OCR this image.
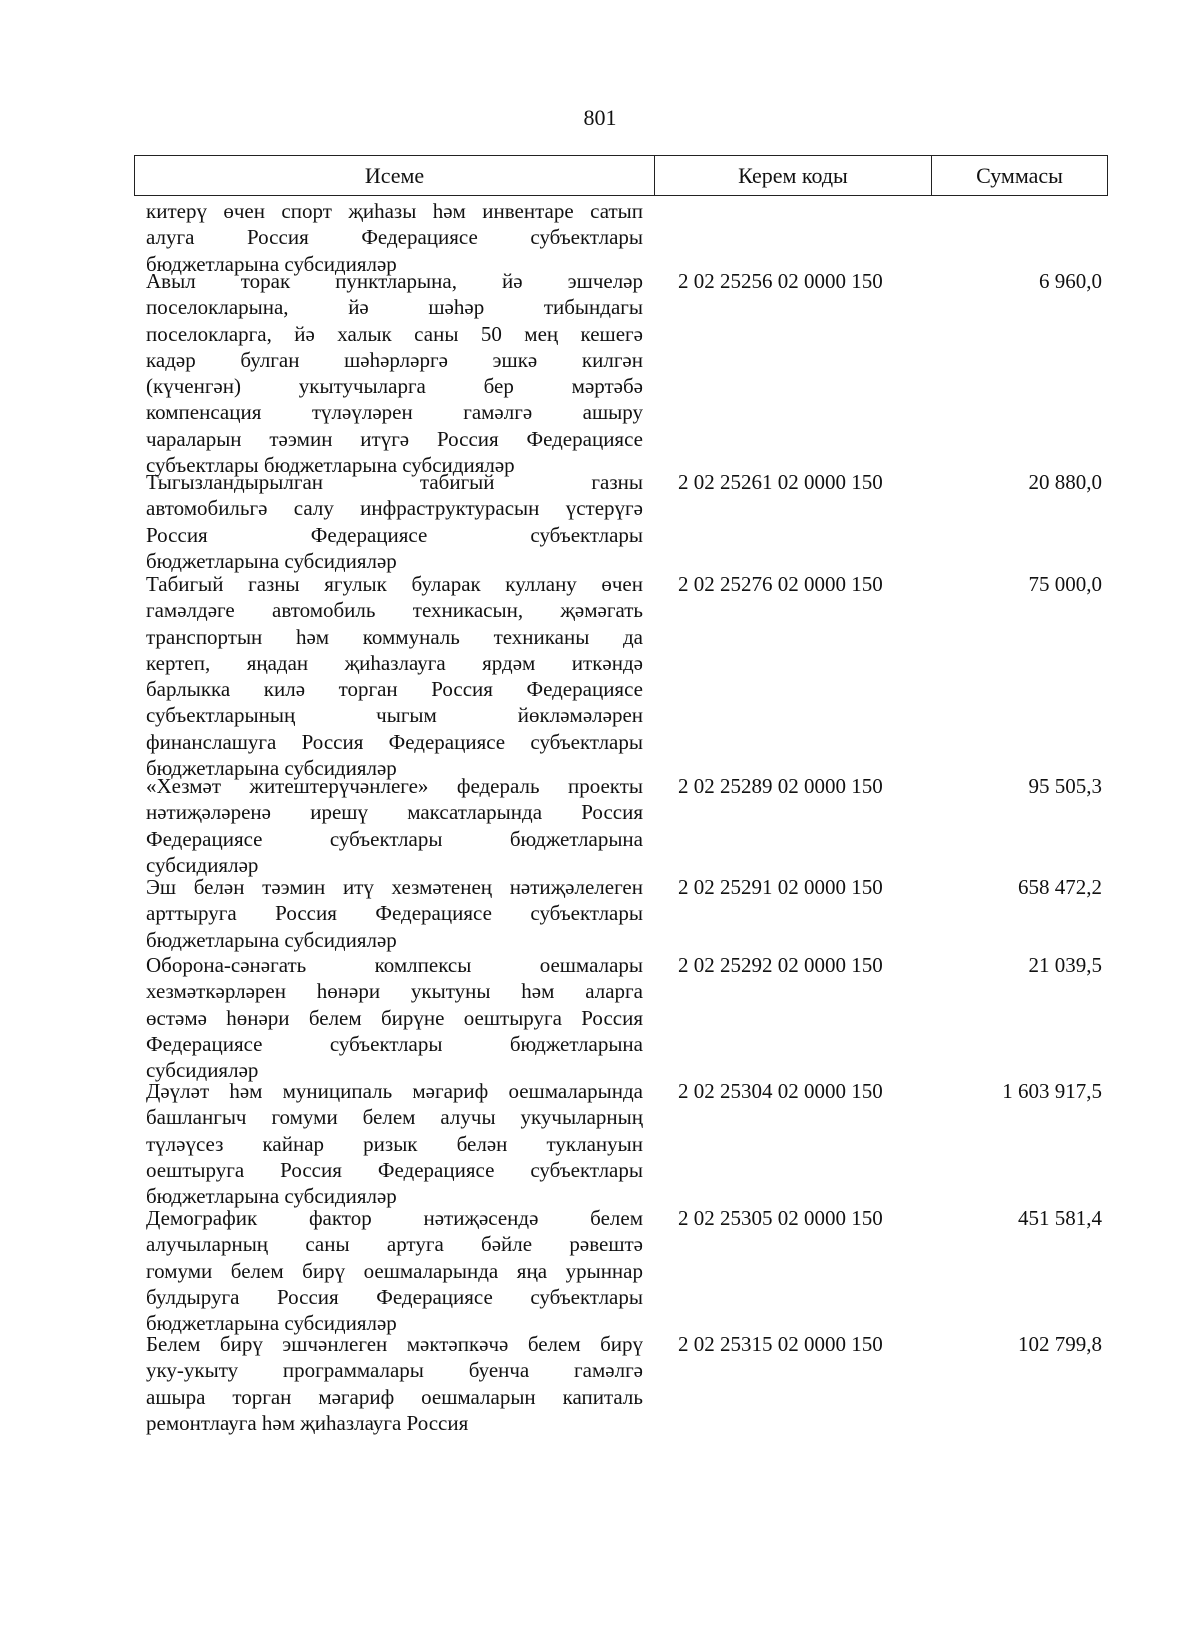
801
Исеме	Керем коды	Суммасы
китерү өчен спорт җиһазы һәм инвентаре сатып
алуга Россия Федерациясе субъектлары
бюджетларына субсидияләр
Авыл торак пунктларына, йә эшчеләр
поселокларына, йә шәһәр тибындагы
поселокларга, йә халык саны 50 мең кешегә
кадәр булган шәһәрләргә эшкә килгән
(күченгән) укытучыларга бер мәртәбә
компенсация түләүләрен гамәлгә ашыру
чараларын тәэмин итүгә Россия Федерациясе
субъектлары бюджетларына субсидияләр
2 02 25256 02 0000 150	6 960,0
Тыгызландырылган табигый газны
автомобильгә салу инфраструктурасын үстерүгә
Россия Федерациясе субъектлары
бюджетларына субсидияләр
2 02 25261 02 0000 150	20 880,0
Табигый газны ягулык буларак куллану өчен
гамәлдәге автомобиль техникасын, җәмәгать
транспортын һәм коммуналь техниканы да
кертеп, яңадан җиһазлауга ярдәм иткәндә
барлыкка килә торган Россия Федерациясе
субъектларының чыгым йөкләмәләрен
финанслашуга Россия Федерациясе субъектлары
бюджетларына субсидияләр
2 02 25276 02 0000 150	75 000,0
«Хезмәт житештерүчәнлеге» федераль проекты
нәтиҗәләренә ирешү максатларында Россия
Федерациясе субъектлары бюджетларына
субсидияләр
2 02 25289 02 0000 150	95 505,3
Эш белән тәэмин итү хезмәтенең нәтиҗәлелеген
арттыруга Россия Федерациясе субъектлары
бюджетларына субсидияләр
2 02 25291 02 0000 150	658 472,2
Оборона-сәнәгать комлпексы оешмалары
хезмәткәрләрен һөнәри укытуны һәм аларга
өстәмә һөнәри белем бирүне оештыруга Россия
Федерациясе субъектлары бюджетларына
субсидияләр
2 02 25292 02 0000 150	21 039,5
Дәүләт һәм муниципаль мәгариф оешмаларында
башлангыч гомуми белем алучы укучыларның
түләүсез кайнар ризык белән туклануын
оештыруга Россия Федерациясе субъектлары
бюджетларына субсидияләр
2 02 25304 02 0000 150	1 603 917,5
Демографик фактор нәтиҗәсендә белем
алучыларның саны артуга бәйле рәвештә
гомуми белем бирү оешмаларында яңа урыннар
булдыруга Россия Федерациясе субъектлары
бюджетларына субсидияләр
2 02 25305 02 0000 150	451 581,4
Белем бирү эшчәнлеген мәктәпкәчә белем бирү
уку-укыту программалары буенча гамәлгә
ашыра торган мәгариф оешмаларын капиталь
ремонтлауга һәм җиһазлауга Россия
2 02 25315 02 0000 150	102 799,8
